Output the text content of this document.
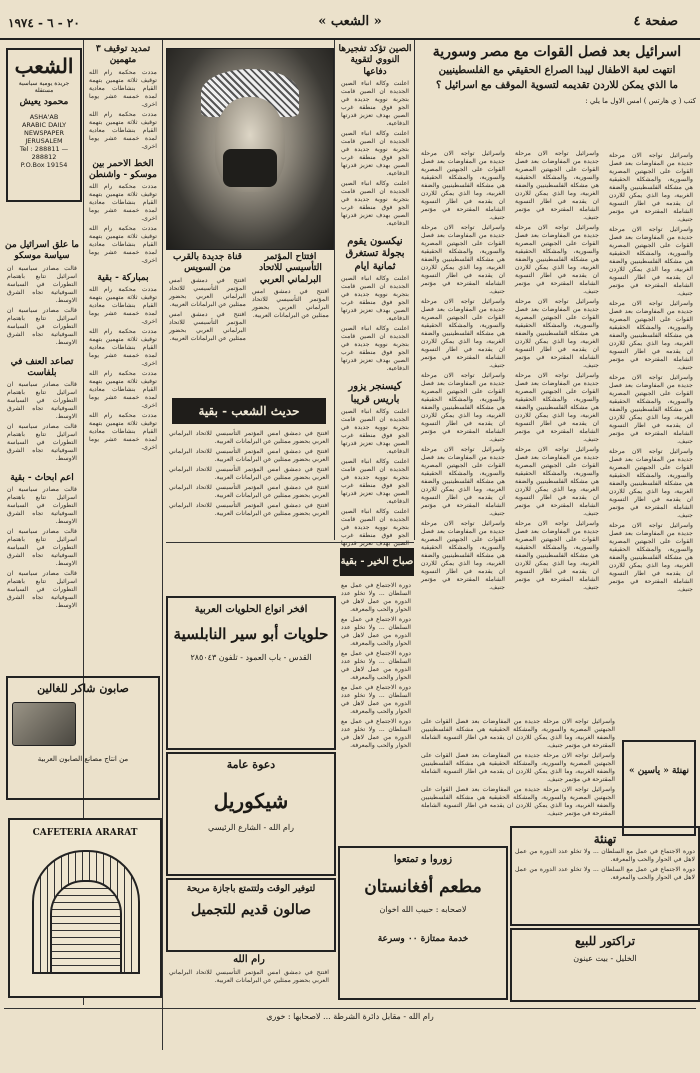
صفحة ٤
« الشعب »
٢٠ - ٦ - ١٩٧٤
الشعب
جريدة يومية سياسية مستقلة
محمود يعيش
ASHA'AB
ARABIC DAILY
NEWSPAPER
JERUSALEM
Tel : 288811 — 288812
P.O.Box 19154
ما علق اسرائيل من سياسة موسكو
قالت مصادر سياسية ان اسرائيل تتابع باهتمام التطورات في السياسة السوفياتية تجاه الشرق الاوسط.
قالت مصادر سياسية ان اسرائيل تتابع باهتمام التطورات في السياسة السوفياتية تجاه الشرق الاوسط.
تصاعد العنف في بلفاست
قالت مصادر سياسية ان اسرائيل تتابع باهتمام التطورات في السياسة السوفياتية تجاه الشرق الاوسط.
قالت مصادر سياسية ان اسرائيل تتابع باهتمام التطورات في السياسة السوفياتية تجاه الشرق الاوسط.
اعم ابحاث - بقية
قالت مصادر سياسية ان اسرائيل تتابع باهتمام التطورات في السياسة السوفياتية تجاه الشرق الاوسط.
قالت مصادر سياسية ان اسرائيل تتابع باهتمام التطورات في السياسة السوفياتية تجاه الشرق الاوسط.
قالت مصادر سياسية ان اسرائيل تتابع باهتمام التطورات في السياسة السوفياتية تجاه الشرق الاوسط.
تمديد توقيف ٣ متهمين
مددت محكمة رام الله توقيف ثلاثة متهمين بتهمة القيام بنشاطات معادية لمدة خمسة عشر يوما اخرى.
مددت محكمة رام الله توقيف ثلاثة متهمين بتهمة القيام بنشاطات معادية لمدة خمسة عشر يوما اخرى.
الخط الاحمر بين موسكو - واشنطن
مددت محكمة رام الله توقيف ثلاثة متهمين بتهمة القيام بنشاطات معادية لمدة خمسة عشر يوما اخرى.
مددت محكمة رام الله توقيف ثلاثة متهمين بتهمة القيام بنشاطات معادية لمدة خمسة عشر يوما اخرى.
بمباركة - بقية
مددت محكمة رام الله توقيف ثلاثة متهمين بتهمة القيام بنشاطات معادية لمدة خمسة عشر يوما اخرى.
مددت محكمة رام الله توقيف ثلاثة متهمين بتهمة القيام بنشاطات معادية لمدة خمسة عشر يوما اخرى.
مددت محكمة رام الله توقيف ثلاثة متهمين بتهمة القيام بنشاطات معادية لمدة خمسة عشر يوما اخرى.
مددت محكمة رام الله توقيف ثلاثة متهمين بتهمة القيام بنشاطات معادية لمدة خمسة عشر يوما اخرى.
افتتاح المؤتمر التأسيسي للاتحاد البرلماني العربي
افتتح في دمشق امس المؤتمر التأسيسي للاتحاد البرلماني العربي بحضور ممثلين عن البرلمانات العربية.
قناة جديدة بالقرب من السويس
افتتح في دمشق امس المؤتمر التأسيسي للاتحاد البرلماني العربي بحضور ممثلين عن البرلمانات العربية.
افتتح في دمشق امس المؤتمر التأسيسي للاتحاد البرلماني العربي بحضور ممثلين عن البرلمانات العربية.
حديث الشعب - بقية
افتتح في دمشق امس المؤتمر التأسيسي للاتحاد البرلماني العربي بحضور ممثلين عن البرلمانات العربية.
افتتح في دمشق امس المؤتمر التأسيسي للاتحاد البرلماني العربي بحضور ممثلين عن البرلمانات العربية.
افتتح في دمشق امس المؤتمر التأسيسي للاتحاد البرلماني العربي بحضور ممثلين عن البرلمانات العربية.
افتتح في دمشق امس المؤتمر التأسيسي للاتحاد البرلماني العربي بحضور ممثلين عن البرلمانات العربية.
افتتح في دمشق امس المؤتمر التأسيسي للاتحاد البرلماني العربي بحضور ممثلين عن البرلمانات العربية.
الصين تؤكد تفجيرها النووي لتقوية دفاعها
اعلنت وكالة انباء الصين الجديدة ان الصين قامت بتجربة نووية جديدة في الجو فوق منطقة غرب الصين بهدف تعزيز قدرتها الدفاعية.
اعلنت وكالة انباء الصين الجديدة ان الصين قامت بتجربة نووية جديدة في الجو فوق منطقة غرب الصين بهدف تعزيز قدرتها الدفاعية.
اعلنت وكالة انباء الصين الجديدة ان الصين قامت بتجربة نووية جديدة في الجو فوق منطقة غرب الصين بهدف تعزيز قدرتها الدفاعية.
نيكسون يقوم بجولة تستغرق ثمانية ايام
اعلنت وكالة انباء الصين الجديدة ان الصين قامت بتجربة نووية جديدة في الجو فوق منطقة غرب الصين بهدف تعزيز قدرتها الدفاعية.
اعلنت وكالة انباء الصين الجديدة ان الصين قامت بتجربة نووية جديدة في الجو فوق منطقة غرب الصين بهدف تعزيز قدرتها الدفاعية.
كيسنجر يزور باريس قريبا
اعلنت وكالة انباء الصين الجديدة ان الصين قامت بتجربة نووية جديدة في الجو فوق منطقة غرب الصين بهدف تعزيز قدرتها الدفاعية.
اعلنت وكالة انباء الصين الجديدة ان الصين قامت بتجربة نووية جديدة في الجو فوق منطقة غرب الصين بهدف تعزيز قدرتها الدفاعية.
اعلنت وكالة انباء الصين الجديدة ان الصين قامت بتجربة نووية جديدة في الجو فوق منطقة غرب الصين بهدف تعزيز قدرتها
اسرائيل بعد فصل القوات مع مصر وسورية
انتهت لعبة الاطفال ليبدا الصراع الحقيقي مع الفلسطينيين
ما الذي يمكن للاردن تقديمه لتسوية الموقف مع اسرائيل ؟
كتب ( ي هارتس ) امس الاول ما يلي :
واسرائيل تواجه الان مرحلة جديدة من المفاوضات بعد فصل القوات على الجبهتين المصرية والسورية، والمشكلة الحقيقية هي مشكلة الفلسطينيين والضفة الغربية، وما الذي يمكن للاردن ان يقدمه في اطار التسوية الشاملة المقترحة في مؤتمر جنيف.
واسرائيل تواجه الان مرحلة جديدة من المفاوضات بعد فصل القوات على الجبهتين المصرية والسورية، والمشكلة الحقيقية هي مشكلة الفلسطينيين والضفة الغربية، وما الذي يمكن للاردن ان يقدمه في اطار التسوية الشاملة المقترحة في مؤتمر جنيف.
واسرائيل تواجه الان مرحلة جديدة من المفاوضات بعد فصل القوات على الجبهتين المصرية والسورية، والمشكلة الحقيقية هي مشكلة الفلسطينيين والضفة الغربية، وما الذي يمكن للاردن ان يقدمه في اطار التسوية الشاملة المقترحة في مؤتمر جنيف.
واسرائيل تواجه الان مرحلة جديدة من المفاوضات بعد فصل القوات على الجبهتين المصرية والسورية، والمشكلة الحقيقية هي مشكلة الفلسطينيين والضفة الغربية، وما الذي يمكن للاردن ان يقدمه في اطار التسوية الشاملة المقترحة في مؤتمر جنيف.
واسرائيل تواجه الان مرحلة جديدة من المفاوضات بعد فصل القوات على الجبهتين المصرية والسورية، والمشكلة الحقيقية هي مشكلة الفلسطينيين والضفة الغربية، وما الذي يمكن للاردن ان يقدمه في اطار التسوية الشاملة المقترحة في مؤتمر جنيف.
واسرائيل تواجه الان مرحلة جديدة من المفاوضات بعد فصل القوات على الجبهتين المصرية والسورية، والمشكلة الحقيقية هي مشكلة الفلسطينيين والضفة الغربية، وما الذي يمكن للاردن ان يقدمه في اطار التسوية الشاملة المقترحة في مؤتمر جنيف.
واسرائيل تواجه الان مرحلة جديدة من المفاوضات بعد فصل القوات على الجبهتين المصرية والسورية، والمشكلة الحقيقية هي مشكلة الفلسطينيين والضفة الغربية، وما الذي يمكن للاردن ان يقدمه في اطار التسوية الشاملة المقترحة في مؤتمر جنيف.
واسرائيل تواجه الان مرحلة جديدة من المفاوضات بعد فصل القوات على الجبهتين المصرية والسورية، والمشكلة الحقيقية هي مشكلة الفلسطينيين والضفة الغربية، وما الذي يمكن للاردن ان يقدمه في اطار التسوية الشاملة المقترحة في مؤتمر جنيف.
واسرائيل تواجه الان مرحلة جديدة من المفاوضات بعد فصل القوات على الجبهتين المصرية والسورية، والمشكلة الحقيقية هي مشكلة الفلسطينيين والضفة الغربية، وما الذي يمكن للاردن ان يقدمه في اطار التسوية الشاملة المقترحة في مؤتمر جنيف.
واسرائيل تواجه الان مرحلة جديدة من المفاوضات بعد فصل القوات على الجبهتين المصرية والسورية، والمشكلة الحقيقية هي مشكلة الفلسطينيين والضفة الغربية، وما الذي يمكن للاردن ان يقدمه في اطار التسوية الشاملة المقترحة في مؤتمر جنيف.
واسرائيل تواجه الان مرحلة جديدة من المفاوضات بعد فصل القوات على الجبهتين المصرية والسورية، والمشكلة الحقيقية هي مشكلة الفلسطينيين والضفة الغربية، وما الذي يمكن للاردن ان يقدمه في اطار التسوية الشاملة المقترحة في مؤتمر جنيف.
واسرائيل تواجه الان مرحلة جديدة من المفاوضات بعد فصل القوات على الجبهتين المصرية والسورية، والمشكلة الحقيقية هي مشكلة الفلسطينيين والضفة الغربية، وما الذي يمكن للاردن ان يقدمه في اطار التسوية الشاملة المقترحة في مؤتمر جنيف.
واسرائيل تواجه الان مرحلة جديدة من المفاوضات بعد فصل القوات على الجبهتين المصرية والسورية، والمشكلة الحقيقية هي مشكلة الفلسطينيين والضفة الغربية، وما الذي يمكن للاردن ان يقدمه في اطار التسوية الشاملة المقترحة في مؤتمر جنيف.
واسرائيل تواجه الان مرحلة جديدة من المفاوضات بعد فصل القوات على الجبهتين المصرية والسورية، والمشكلة الحقيقية هي مشكلة الفلسطينيين والضفة الغربية، وما الذي يمكن للاردن ان يقدمه في اطار التسوية الشاملة المقترحة في مؤتمر جنيف.
واسرائيل تواجه الان مرحلة جديدة من المفاوضات بعد فصل القوات على الجبهتين المصرية والسورية، والمشكلة الحقيقية هي مشكلة الفلسطينيين والضفة الغربية، وما الذي يمكن للاردن ان يقدمه في اطار التسوية الشاملة المقترحة في مؤتمر جنيف.
واسرائيل تواجه الان مرحلة جديدة من المفاوضات بعد فصل القوات على الجبهتين المصرية والسورية، والمشكلة الحقيقية هي مشكلة الفلسطينيين والضفة الغربية، وما الذي يمكن للاردن ان يقدمه في اطار التسوية الشاملة المقترحة في مؤتمر جنيف.
واسرائيل تواجه الان مرحلة جديدة من المفاوضات بعد فصل القوات على الجبهتين المصرية والسورية، والمشكلة الحقيقية هي مشكلة الفلسطينيين والضفة الغربية، وما الذي يمكن للاردن ان يقدمه في اطار التسوية الشاملة المقترحة في مؤتمر جنيف.
واسرائيل تواجه الان مرحلة جديدة من المفاوضات بعد فصل القوات على الجبهتين المصرية والسورية، والمشكلة الحقيقية هي مشكلة الفلسطينيين والضفة الغربية، وما الذي يمكن للاردن ان يقدمه في اطار التسوية الشاملة المقترحة في مؤتمر جنيف.
صباح الخير - بقية
دورة الاجتماع في عمل مع السلطان ... ولا تخلو عدد الدورة من عمل لاهل في الحوار والحب والمعرفة.
دورة الاجتماع في عمل مع السلطان ... ولا تخلو عدد الدورة من عمل لاهل في الحوار والحب والمعرفة.
دورة الاجتماع في عمل مع السلطان ... ولا تخلو عدد الدورة من عمل لاهل في الحوار والحب والمعرفة.
دورة الاجتماع في عمل مع السلطان ... ولا تخلو عدد الدورة من عمل لاهل في الحوار والحب والمعرفة.
دورة الاجتماع في عمل مع السلطان ... ولا تخلو عدد الدورة من عمل لاهل في الحوار والحب والمعرفة.
صابون شاكر للغالين
من انتاج مصانع الصابون العربية
CAFETERIA ARARAT
افخر انواع الحلويات العربية
حلويات أبو سير النابلسية
القدس - باب العمود - تلفون ٢٨٥٠٤٣
دعوة عامة
شيكوريل
رام الله - الشارع الرئيسي
لتوفير الوقت ولتتمتع باجازة مريحة
صالون قديم للتجميل
رام الله
افتتح في دمشق امس المؤتمر التأسيسي للاتحاد البرلماني العربي بحضور ممثلين عن البرلمانات العربية.
زوروا و تمتعوا
مطعم أفغانستان
لاصحابه : حبيب الله اخوان
خدمة ممتازة ٠٠ وسرعة
واسرائيل تواجه الان مرحلة جديدة من المفاوضات بعد فصل القوات على الجبهتين المصرية والسورية، والمشكلة الحقيقية هي مشكلة الفلسطينيين والضفة الغربية، وما الذي يمكن للاردن ان يقدمه في اطار التسوية الشاملة المقترحة في مؤتمر جنيف.
واسرائيل تواجه الان مرحلة جديدة من المفاوضات بعد فصل القوات على الجبهتين المصرية والسورية، والمشكلة الحقيقية هي مشكلة الفلسطينيين والضفة الغربية، وما الذي يمكن للاردن ان يقدمه في اطار التسوية الشاملة المقترحة في مؤتمر جنيف.
واسرائيل تواجه الان مرحلة جديدة من المفاوضات بعد فصل القوات على الجبهتين المصرية والسورية، والمشكلة الحقيقية هي مشكلة الفلسطينيين والضفة الغربية، وما الذي يمكن للاردن ان يقدمه في اطار التسوية الشاملة المقترحة في مؤتمر جنيف.
نهنئة « ياسين »
تهنئة
دورة الاجتماع في عمل مع السلطان ... ولا تخلو عدد الدورة من عمل لاهل في الحوار والحب والمعرفة.
دورة الاجتماع في عمل مع السلطان ... ولا تخلو عدد الدورة من عمل لاهل في الحوار والحب والمعرفة.
تراكتور للبيع
الخليل - بيت عينون
رام الله - مقابل دائرة الشرطة ... لاصحابها : خوري
